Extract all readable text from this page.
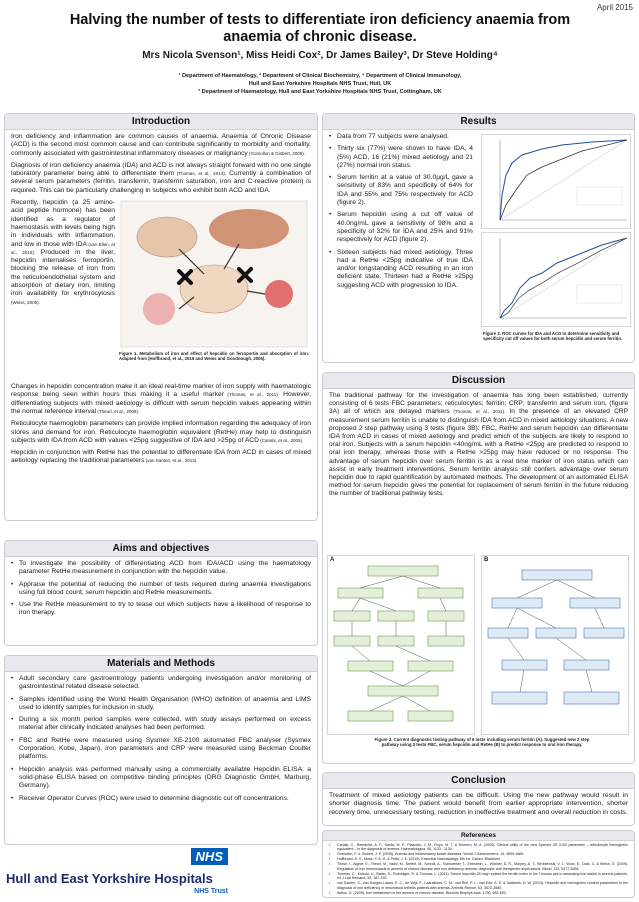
April 2015
Halving the number of tests to differentiate iron deficiency anaemia from anaemia of chronic disease.
Mrs Nicola Svenson¹, Miss Heidi Cox², Dr James Bailey³, Dr Steve Holding⁴
¹ Department of Haematology, ² Department of Clinical Biochemistry, ⁴ Department of Clinical Immunology,
Hull and East Yorkshire Hospitals NHS Trust, Hull, UK
³ Department of Haematology, Hull and East Yorkshire Hospitals NHS Trust, Cottingham, UK
Introduction

Iron deficiency and inflammation are common causes of anaemia. Anaemia of Chronic Disease (ACD) is the second most common cause and can contribute significantly to morbidity and mortality, commonly associated with gastrointestinal inflammatory diseases or malignancy (Gomollon & Gisbert, 2009).

Diagnosis of iron deficiency anaemia (IDA) and ACD is not always straight forward with no one single laboratory parameter being able to differentiate them (Thomas, et al., 2013). Currently a combination of several serum parameters (ferritin, transferrin, transferrin saturation, iron and C-reactive protein) is required. This can be particularly challenging in subjects who exhibit both ACD and IDA.

Recently, hepcidin (a 25 amino-acid peptide hormone) has been identified as a regulator of haemostasis with levels being high in individuals with inflammation, and low in those with IDA (van Ellen, et al., 2010). Produced in the liver, hepcidin internalises ferroportin, blocking the release of iron from the reticuloendothelial system and absorption of dietary iron, limiting iron availability for erythrocytosis (Weiss, 2009).

Figure 1. Metabolism of iron and effect of hepcidin on ferroportin and absorption of iron. Adapted from (Hoffbrand, et al., 2019 and Weiss and Goodnough, 2005).

Changes in hepcidin concentration make it an ideal real-time marker of iron supply with haematologic response being seen within hours thus making it a useful marker (Thomas, et al., 2011). However, differentiating subjects with mixed aetiology is difficult with serum hepcidin values appearing within the normal reference interval (Theurl, et al., 2009).

Reticulocyte haemoglobin parameters can provide implied information regarding the adequacy of iron stores and demand for iron. Reticulocyte haemoglobin equivalent (RetHe) may help to distinguish subjects with IDA from ACD with values <25pg suggestive of IDA and >25pg of ACD (Canals, et al., 2005).

Hepcidin in conjunction with RetHe has the potential to differentiate IDA from ACD in cases of mixed aetiology replacing the traditional parameters (van Santen, et al., 2013).

Aims and objectives
• To investigate the possibility of differentiating ACD from IDA/ACD using the haematology parameter RetHe measurement in conjunction with the hepcidin value.
• Appraise the potential of reducing the number of tests required during anaemia investigations using full blood count, serum hepcidin and RetHe measurements.
• Use the RetHe measurement to try to tease out which subjects have a likelihood of response to iron therapy.
Materials and Methods
• Adult secondary care gastroentrology patients undergoing investigation and/or monitoring of gastrointestinal related disease selected.
• Samples identified using the World Health Organisation (WHO) definition of anaemia and LIMS used to identify samples for inclusion in study.
• During a six month period samples were collected, with study assays performed on excess material after clinically indicated analyses had been performed.
• FBC and RetHe were measured using Sysmex XE-2100 automated FBC analyser (Sysmex Corporation, Kobe, Japan), iron parameters and CRP were measured using Beckman Coulter platforms.
• Hepcidin analysis was performed manually using a commercially available Hepcidin ELISA: a solid-phase ELISA based on competitive binding principles (DRG Diagnostic GmbH, Marburg, Germany).
• Receiver Operator Curves (ROC) were used to determine diagnostic cut off concentrations.
Hull and East Yorkshire Hospitals
NHS
NHS Trust
Results
• Data from 77 subjects were analysed.
• Thirty six (77%) were shown to have IDA, 4 (5%) ACD, 16 (21%) mixed aetiology and 21 (27%) normal iron status.
• Serum ferritin at a value of 30.0µg/L gave a sensitivity of 83% and specificity of 64% for IDA and 55% and 75% respectively for ACD (figure 2).
• Serum hepcidin using a cut off value of 40.0ng/mL gave a sensitivity of 98% and a specificity of 32% for IDA and 25% and 91% respectively for ACD (figure 2).
• Sixteen subjects had mixed aetiology. Three had a RetHe <25pg indicative of true IDA and/or longstanding ACD resulting in an iron deficient state. Thirteen had a RetHe >25pg suggesting ACD with progression to IDA.
Figure 2. ROC curves for IDA and ACD to determine sensitivity and specificity cut off values for both serum hepcidin and serum ferritin.
Discussion

The traditional pathway for the investigation of anaemia has long been established, currently consisting of 6 tests FBC parameters; reticulocytes; ferritin; CRP; transferrin and serum iron, (figure 3A) all of which are delayed markers (Thomas, et al., 2011). In the presence of an elevated CRP measurement serum ferritin is unable to distinguish IDA from ACD in mixed aetiology situations. A new proposed 2 step pathway using 3 tests (figure 3B): FBC, RetHe and serum hepcidin can differentiate IDA from ACD in cases of mixed aetiology and predict which of the subjects are likely to respond to oral iron. Subjects with a serum hepcidin <40ng/mL with a RetHe <25pg are predicted to respond to oral iron therapy, whereas those with a RetHe >25pg may have reduced or no response. The advantage of serum hepcidin over serum ferritin is as a real time marker of iron status which can assist in early treatment interventions. Serum ferritin analysis still confers advantage over serum hepcidin due to rapid quantification by automated methods. The development of an automated ELISA method for serum hepcidin gives the potential for replacement of serum ferritin in the future reducing the number of traditional pathway tests.

A	B
Figure 3. Current diagnostic testing pathway of 6 tests including serum ferritin (A). Suggested new 2 step pathway using 3 tests FBC, serum hepcidin and RetHe (B) to predict response to oral iron therapy.
Conclusion
Treatment of mixed aetiology patients can be difficult. Using the new pathway would result in shorter diagnosis time. The patient would benefit from earlier appropriate intervention, shorter recovery time, unnecessary testing, reduction in ineffective treatment and overall reduction in costs.
References
• Canals, C., Remacha, A. F., Sarda, M. P., Piazuelo, J. M., Royo, M. T. & Romero, M. A. (2005). Clinical utility of the new Sysmex XE 2100 parameter – reticulocyte hemoglobin equivalent – in the diagnosis of anemia. Haematologica, 90, 1133 - 1134.
• Gomollon, F. & Gisbert, J. P. (2009). Anemia and inflammatory bowel diseases. World J Gastroenterol, 15, 4659-4665.
• Hoffbrand, A. V., Moss, P. A. H. & Pettit, J. E. (2019). Essential Haematology. 6th ed. Oxford: Blackwell.
• Theurl, I., Aigner, E., Theurl, M., Nairz, M., Seifert, M., Schroll, A., Sonnweber, T., Eberwein, L., Witcher, D. R., Murphy, A. T., Wroblewski, V. J., Wurz, E., Datz, C. & Weiss, G. (2009). Regulation of iron homeostasis in anemia of chronic disease and iron deficiency anemia: diagnostic and therapeutic implications. Blood, 113, 5277-5286.
• Thomas, C., Kobold, U., Balan, S., Roeddiger, R. & Thomas, L. (2011). Serum hepcidin-25 may replace the ferritin index in the Thomas plot in assessing iron status in anemic patients. Int J Lab Hematol, 33, 187-193.
• van Santen, S., van Dongen-Lases, E. C., de Vegt, F., Laarakkers, C. M., van Riel, P. L., van Ede, A. E. & Swinkels, D. W. (2013). Hepcidin and hemoglobin content parameters in the diagnosis of iron deficiency in rheumatoid arthritis patients with anemia. Arthritis Rheum, 63, 3672-3680.
• Weiss, G. (2009). Iron metabolism in the anemia of chronic disease. Biochim Biophys Acta, 1790, 682-693.
